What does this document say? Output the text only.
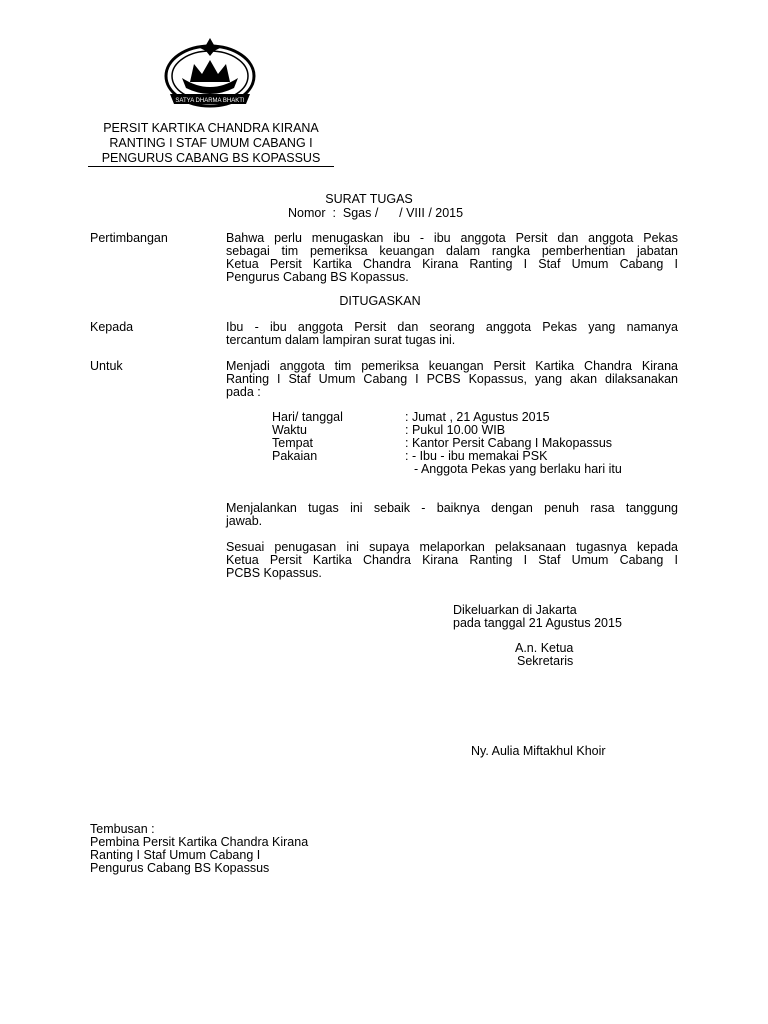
SATYA DHARMA BHAKTI
PERSIT KARTIKA CHANDRA KIRANA
RANTING I STAF UMUM CABANG I
PENGURUS CABANG BS KOPASSUS
SURAT TUGAS
Nomor  :  Sgas /      / VIII / 2015
Pertimbangan	Bahwa perlu menugaskan ibu - ibu anggota Persit dan anggota Pekas
sebagai tim pemeriksa keuangan dalam rangka pemberhentian jabatan
Ketua Persit Kartika Chandra Kirana Ranting I Staf Umum Cabang I
Pengurus Cabang BS Kopassus.
DITUGASKAN
Kepada	Ibu - ibu anggota Persit dan seorang anggota Pekas yang namanya
tercantum dalam lampiran surat tugas ini.
Untuk	Menjadi anggota tim pemeriksa keuangan Persit Kartika Chandra Kirana
Ranting I Staf Umum Cabang I PCBS Kopassus, yang akan dilaksanakan
pada :
Hari/ tanggal	: Jumat , 21 Agustus 2015
Waktu	: Pukul 10.00 WIB
Tempat	: Kantor Persit Cabang I Makopassus
Pakaian	: - Ibu - ibu memakai PSK
- Anggota Pekas yang berlaku hari itu
Menjalankan tugas ini sebaik - baiknya dengan penuh rasa tanggung
jawab.
Sesuai penugasan ini supaya melaporkan pelaksanaan tugasnya kepada
Ketua Persit Kartika Chandra Kirana Ranting I Staf Umum Cabang I
PCBS Kopassus.
Dikeluarkan di Jakarta
pada tanggal 21 Agustus 2015
A.n. Ketua
Sekretaris
Ny. Aulia Miftakhul Khoir
Tembusan :
Pembina Persit Kartika Chandra Kirana
Ranting I Staf Umum Cabang I
Pengurus Cabang BS Kopassus
